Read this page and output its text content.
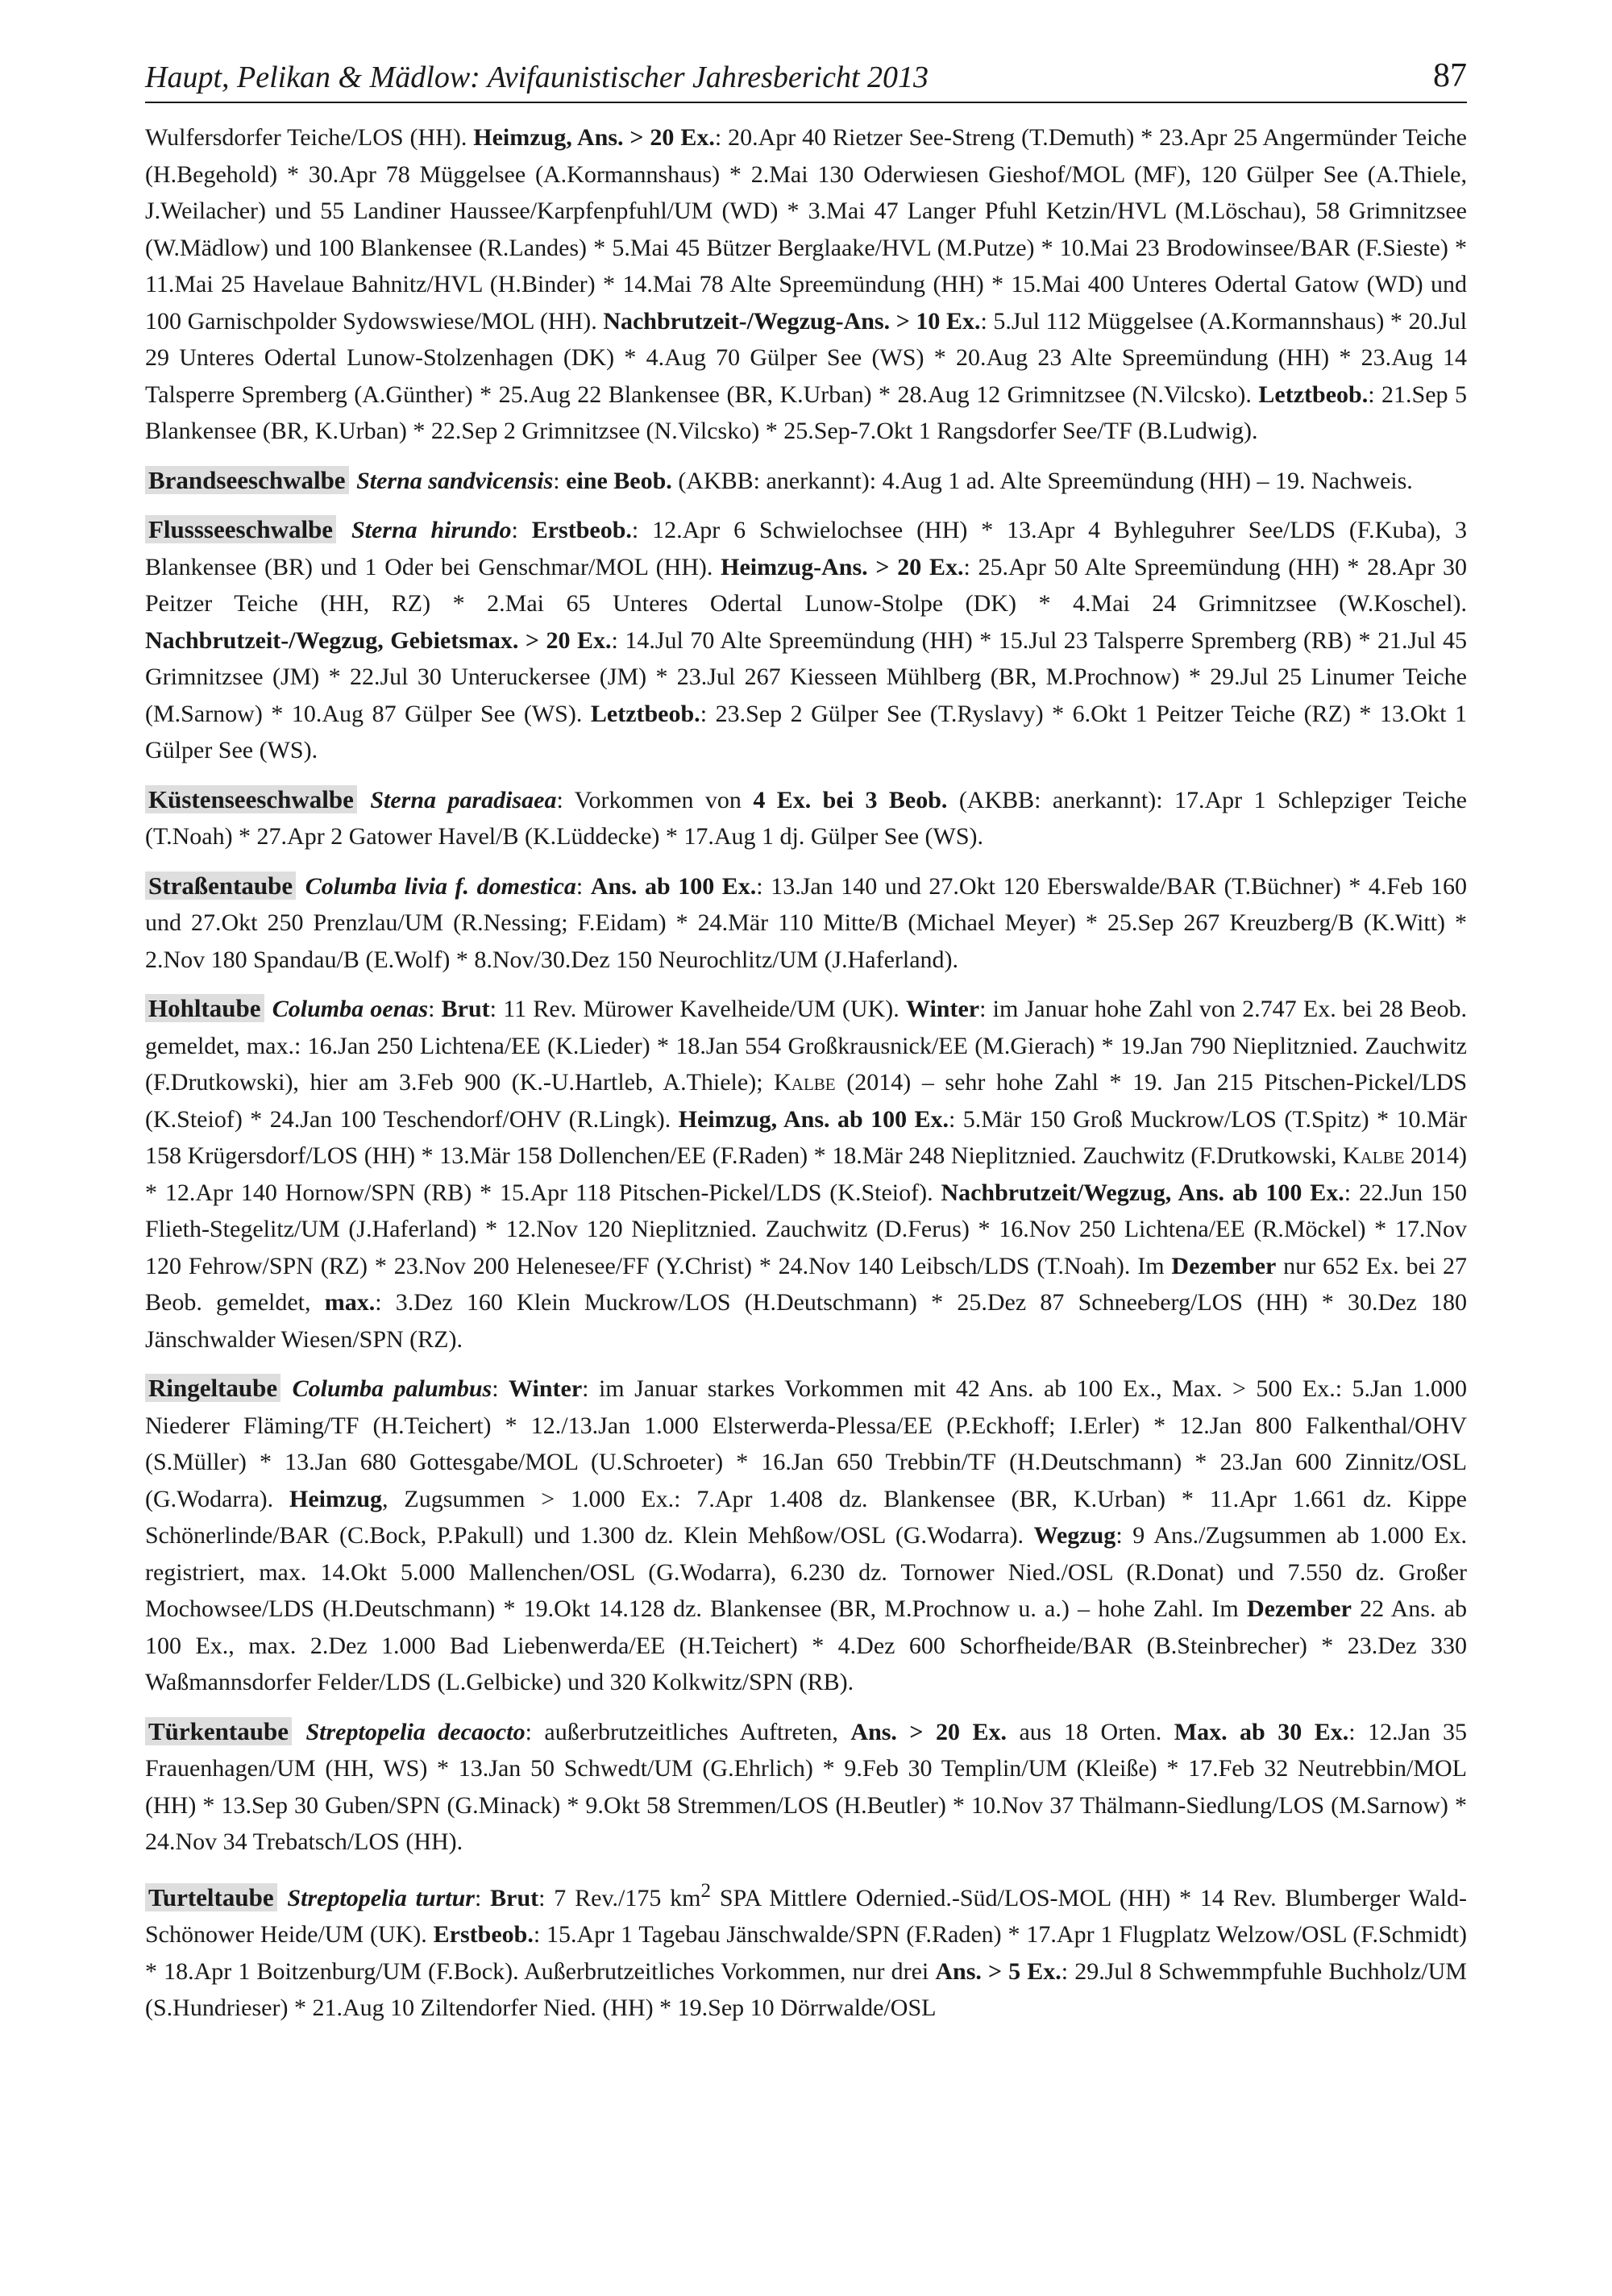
Haupt, Pelikan & Mädlow: Avifaunistischer Jahresbericht 2013	87

Wulfersdorfer Teiche/LOS (HH). Heimzug, Ans. > 20 Ex.: 20.Apr 40 Rietzer See-Streng (T.Demuth) * 23.Apr 25 Angermünder Teiche (H.Begehold) * 30.Apr 78 Müggelsee (A.Kormannshaus) * 2.Mai 130 Oderwiesen Gieshof/MOL (MF), 120 Gülper See (A.Thiele, J.Weilacher) und 55 Landiner Haussee/Karpfenpfuhl/UM (WD) * 3.Mai 47 Langer Pfuhl Ketzin/HVL (M.Löschau), 58 Grimnitzsee (W.Mädlow) und 100 Blankensee (R.Landes) * 5.Mai 45 Bützer Berglaake/HVL (M.Putze) * 10.Mai 23 Brodowinsee/BAR (F.Sieste) * 11.Mai 25 Havelaue Bahnitz/HVL (H.Binder) * 14.Mai 78 Alte Spreemündung (HH) * 15.Mai 400 Unteres Odertal Gatow (WD) und 100 Garnischpolder Sydowswiese/MOL (HH). Nachbrutzeit-/Wegzug-Ans. > 10 Ex.: 5.Jul 112 Müggelsee (A.Kormannshaus) * 20.Jul 29 Unteres Odertal Lunow-Stolzenhagen (DK) * 4.Aug 70 Gülper See (WS) * 20.Aug 23 Alte Spreemündung (HH) * 23.Aug 14 Talsperre Spremberg (A.Günther) * 25.Aug 22 Blankensee (BR, K.Urban) * 28.Aug 12 Grimnitzsee (N.Vilcsko). Letztbeob.: 21.Sep 5 Blankensee (BR, K.Urban) * 22.Sep 2 Grimnitzsee (N.Vilcsko) * 25.Sep-7.Okt 1 Rangsdorfer See/TF (B.Ludwig).

Brandseeschwalbe Sterna sandvicensis: eine Beob. (AKBB: anerkannt): 4.Aug 1 ad. Alte Spreemündung (HH) – 19. Nachweis.

Flussseeschwalbe Sterna hirundo: Erstbeob.: 12.Apr 6 Schwielochsee (HH) * 13.Apr 4 Byhleguhrer See/LDS (F.Kuba), 3 Blankensee (BR) und 1 Oder bei Genschmar/MOL (HH). Heimzug-Ans. > 20 Ex.: 25.Apr 50 Alte Spreemündung (HH) * 28.Apr 30 Peitzer Teiche (HH, RZ) * 2.Mai 65 Unteres Odertal Lunow-Stolpe (DK) * 4.Mai 24 Grimnitzsee (W.Koschel). Nachbrutzeit-/Wegzug, Gebietsmax. > 20 Ex.: 14.Jul 70 Alte Spreemündung (HH) * 15.Jul 23 Talsperre Spremberg (RB) * 21.Jul 45 Grimnitzsee (JM) * 22.Jul 30 Unteruckersee (JM) * 23.Jul 267 Kiesseen Mühlberg (BR, M.Prochnow) * 29.Jul 25 Linumer Teiche (M.Sarnow) * 10.Aug 87 Gülper See (WS). Letztbeob.: 23.Sep 2 Gülper See (T.Ryslavy) * 6.Okt 1 Peitzer Teiche (RZ) * 13.Okt 1 Gülper See (WS).

Küstenseeschwalbe Sterna paradisaea: Vorkommen von 4 Ex. bei 3 Beob. (AKBB: anerkannt): 17.Apr 1 Schlepziger Teiche (T.Noah) * 27.Apr 2 Gatower Havel/B (K.Lüddecke) * 17.Aug 1 dj. Gülper See (WS).

Straßentaube Columba livia f. domestica: Ans. ab 100 Ex.: 13.Jan 140 und 27.Okt 120 Eberswalde/BAR (T.Büchner) * 4.Feb 160 und 27.Okt 250 Prenzlau/UM (R.Nessing; F.Eidam) * 24.Mär 110 Mitte/B (Michael Meyer) * 25.Sep 267 Kreuzberg/B (K.Witt) * 2.Nov 180 Spandau/B (E.Wolf) * 8.Nov/30.Dez 150 Neurochlitz/UM (J.Haferland).

Hohltaube Columba oenas: Brut: 11 Rev. Mürower Kavelheide/UM (UK). Winter: im Januar hohe Zahl von 2.747 Ex. bei 28 Beob. gemeldet, max.: 16.Jan 250 Lichtena/EE (K.Lieder) * 18.Jan 554 Großkrausnick/EE (M.Gierach) * 19.Jan 790 Nieplitznied. Zauchwitz (F.Drutkowski), hier am 3.Feb 900 (K.-U.Hartleb, A.Thiele); Kalbe (2014) – sehr hohe Zahl * 19. Jan 215 Pitschen-Pickel/LDS (K.Steiof) * 24.Jan 100 Teschendorf/OHV (R.Lingk). Heimzug, Ans. ab 100 Ex.: 5.Mär 150 Groß Muckrow/LOS (T.Spitz) * 10.Mär 158 Krügersdorf/LOS (HH) * 13.Mär 158 Dollenchen/EE (F.Raden) * 18.Mär 248 Nieplitznied. Zauchwitz (F.Drutkowski, Kalbe 2014) * 12.Apr 140 Hornow/SPN (RB) * 15.Apr 118 Pitschen-Pickel/LDS (K.Steiof). Nachbrutzeit/Wegzug, Ans. ab 100 Ex.: 22.Jun 150 Flieth-Stegelitz/UM (J.Haferland) * 12.Nov 120 Nieplitznied. Zauchwitz (D.Ferus) * 16.Nov 250 Lichtena/EE (R.Möckel) * 17.Nov 120 Fehrow/SPN (RZ) * 23.Nov 200 Helenesee/FF (Y.Christ) * 24.Nov 140 Leibsch/LDS (T.Noah). Im Dezember nur 652 Ex. bei 27 Beob. gemeldet, max.: 3.Dez 160 Klein Muckrow/LOS (H.Deutschmann) * 25.Dez 87 Schneeberg/LOS (HH) * 30.Dez 180 Jänschwalder Wiesen/SPN (RZ).

Ringeltaube Columba palumbus: Winter: im Januar starkes Vorkommen mit 42 Ans. ab 100 Ex., Max. > 500 Ex.: 5.Jan 1.000 Niederer Fläming/TF (H.Teichert) * 12./13.Jan 1.000 Elsterwerda-Plessa/EE (P.Eckhoff; I.Erler) * 12.Jan 800 Falkenthal/OHV (S.Müller) * 13.Jan 680 Gottesgabe/MOL (U.Schroeter) * 16.Jan 650 Trebbin/TF (H.Deutschmann) * 23.Jan 600 Zinnitz/OSL (G.Wodarra). Heimzug, Zugsummen > 1.000 Ex.: 7.Apr 1.408 dz. Blankensee (BR, K.Urban) * 11.Apr 1.661 dz. Kippe Schönerlinde/BAR (C.Bock, P.Pakull) und 1.300 dz. Klein Mehßow/OSL (G.Wodarra). Wegzug: 9 Ans./Zugsummen ab 1.000 Ex. registriert, max. 14.Okt 5.000 Mallenchen/OSL (G.Wodarra), 6.230 dz. Tornower Nied./OSL (R.Donat) und 7.550 dz. Großer Mochowsee/LDS (H.Deutschmann) * 19.Okt 14.128 dz. Blankensee (BR, M.Prochnow u. a.) – hohe Zahl. Im Dezember 22 Ans. ab 100 Ex., max. 2.Dez 1.000 Bad Liebenwerda/EE (H.Teichert) * 4.Dez 600 Schorfheide/BAR (B.Steinbrecher) * 23.Dez 330 Waßmannsdorfer Felder/LDS (L.Gelbicke) und 320 Kolkwitz/SPN (RB).

Türkentaube Streptopelia decaocto: außerbrutzeitliches Auftreten, Ans. > 20 Ex. aus 18 Orten. Max. ab 30 Ex.: 12.Jan 35 Frauenhagen/UM (HH, WS) * 13.Jan 50 Schwedt/UM (G.Ehrlich) * 9.Feb 30 Templin/UM (Kleiße) * 17.Feb 32 Neutrebbin/MOL (HH) * 13.Sep 30 Guben/SPN (G.Minack) * 9.Okt 58 Stremmen/LOS (H.Beutler) * 10.Nov 37 Thälmann-Siedlung/LOS (M.Sarnow) * 24.Nov 34 Trebatsch/LOS (HH).

Turteltaube Streptopelia turtur: Brut: 7 Rev./175 $km^2$ SPA Mittlere Odernied.-Süd/LOS-MOL (HH) * 14 Rev. Blumberger Wald-Schönower Heide/UM (UK). Erstbeob.: 15.Apr 1 Tagebau Jänschwalde/SPN (F.Raden) * 17.Apr 1 Flugplatz Welzow/OSL (F.Schmidt) * 18.Apr 1 Boitzenburg/UM (F.Bock). Außerbrutzeitliches Vorkommen, nur drei Ans. > 5 Ex.: 29.Jul 8 Schwemmpfuhle Buchholz/UM (S.Hundrieser) * 21.Aug 10 Ziltendorfer Nied. (HH) * 19.Sep 10 Dörrwalde/OSL
